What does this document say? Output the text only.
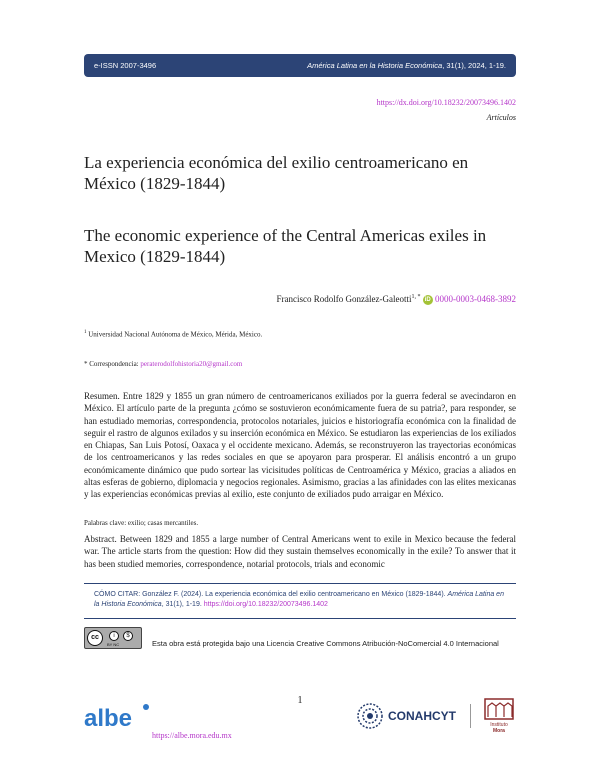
e-ISSN 2007-3496	América Latina en la Historia Económica, 31(1), 2024, 1-19.
https://dx.doi.org/10.18232/20073496.1402
Artículos
La experiencia económica del exilio centroamericano en México (1829-1844)
The economic experience of the Central Americas exiles in Mexico (1829-1844)
Francisco Rodolfo González-Galeotti$^{1, *}$ iD 0000-0003-0468-3892
$^1$ Universidad Nacional Autónoma de México, Mérida, México.
* Correspondencia: peraterodolfohistoria20@gmail.com
Resumen. Entre 1829 y 1855 un gran número de centroamericanos exiliados por la guerra federal se avecindaron en México. El artículo parte de la pregunta ¿cómo se sostuvieron económicamente fuera de su patria?, para responder, se han estudiado memorias, correspondencia, protocolos notariales, juicios e historiografía económica con la finalidad de seguir el rastro de algunos exilados y su inserción económica en México. Se estudiaron las experiencias de los exiliados en Chiapas, San Luis Potosí, Oaxaca y el occidente mexicano. Además, se reconstruyeron las trayectorias económicas de los centroamericanos y las redes sociales en que se apoyaron para prosperar. El análisis encontró a un grupo económicamente dinámico que pudo sortear las vicisitudes políticas de Centroamérica y México, gracias a aliados en altas esferas de gobierno, diplomacia y negocios regionales. Asimismo, gracias a las afinidades con las elites mexicanas y las experiencias económicas previas al exilio, este conjunto de exiliados pudo arraigar en México.
Palabras clave: exilio; casas mercantiles.
Abstract. Between 1829 and 1855 a large number of Central Americans went to exile in Mexico because the federal war. The article starts from the question: How did they sustain themselves economically in the exile? To answer that it has been studied memories, correspondence, notarial protocols, trials and economic
CÓMO CITAR: González F. (2024). La experiencia económica del exilio centroamericano en México (1829-1844). América Latina en la Historia Económica, 31(1), 1-19. https://doi.org/10.18232/20073496.1402
cc	i	$
BY NC	Esta obra está protegida bajo una Licencia Creative Commons Atribución-NoComercial 4.0 Internacional
1
albe
https://albe.mora.edu.mx
CONAHCYT
Instituto
Mora
